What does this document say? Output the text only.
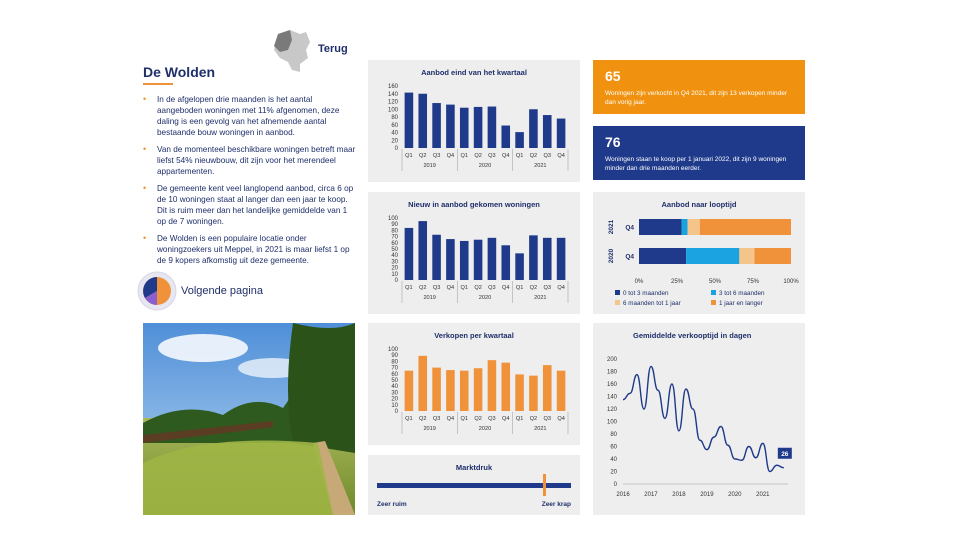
Terug
De Wolden
• In de afgelopen drie maanden is het aantal aangeboden woningen met 11% afgenomen, deze daling is een gevolg van het afnemende aantal bestaande bouw woningen in aanbod.
• Van de momenteel beschikbare woningen betreft maar liefst 54% nieuwbouw, dit zijn voor het merendeel appartementen.
• De gemeente kent veel langlopend aanbod, circa 6 op de 10 woningen staat al langer dan een jaar te koop. Dit is ruim meer dan het landelijke gemiddelde van 1 op de 7 woningen.
• De Wolden is een populaire locatie onder woningzoekers uit Meppel, in 2021 is maar liefst 1 op de 9 kopers afkomstig uit deze gemeente.
Volgende pagina
Aanbod eind van het kwartaal
0
20
40
60
80
100
120
140
160
Q1 Q2 Q3 Q4 Q1 Q2 Q3 Q4 Q1 Q2 Q3 Q4
2019	2020	2021
Nieuw in aanbod gekomen woningen
0
10
20
30
40
50
60
70
80
90
100
Q1 Q2 Q3 Q4 Q1 Q2 Q3 Q4 Q1 Q2 Q3 Q4
2019	2020	2021
Verkopen per kwartaal
0
10
20
30
40
50
60
70
80
90
100
Q1 Q2 Q3 Q4 Q1 Q2 Q3 Q4 Q1 Q2 Q3 Q4
2019	2020	2021
Marktdruk
Zeer ruim	Zeer krap
65
Woningen zijn verkocht in Q4 2021, dit zijn 13 verkopen minder dan vorig jaar.
76
Woningen staan te koop per 1 januari 2022, dit zijn 9 woningen minder dan drie maanden eerder.
Aanbod naar looptijd
Q4
2021
Q4
2020
0%	25%	50%	75%	100%
0 tot 3 maanden	3 tot 6 maanden
6 maanden tot 1 jaar	1 jaar en langer
Gemiddelde verkooptijd in dagen
0
20
40
60
80
100
120
140
160
180
200
2016 2017 2018 2019 2020 2021
26
